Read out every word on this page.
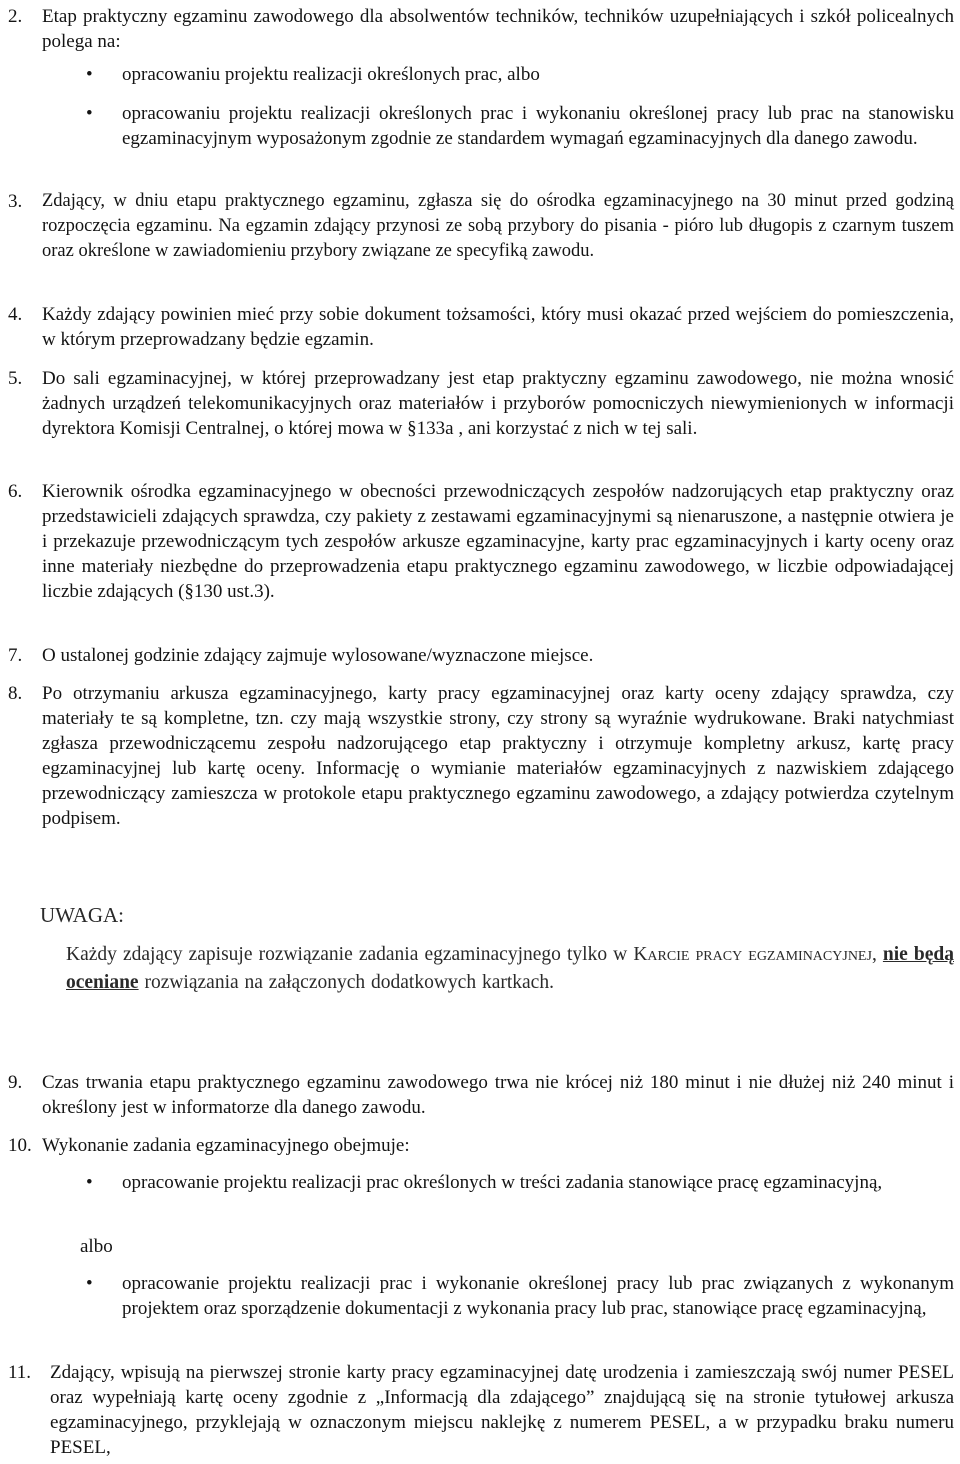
2. Etap praktyczny egzaminu zawodowego dla absolwentów techników, techników uzupełniających i szkół policealnych polega na:
• opracowaniu projektu realizacji określonych prac, albo
• opracowaniu projektu realizacji określonych prac i wykonaniu określonej pracy lub prac na stanowisku egzaminacyjnym wyposażonym zgodnie ze standardem wymagań egzaminacyjnych dla danego zawodu.
3. Zdający, w dniu etapu praktycznego egzaminu, zgłasza się do ośrodka egzaminacyjnego na 30 minut przed godziną rozpoczęcia egzaminu. Na egzamin zdający przynosi ze sobą przybory do pisania - pióro lub długopis z czarnym tuszem oraz określone w zawiadomieniu przybory związane ze specyfiką zawodu.
4. Każdy zdający powinien mieć przy sobie dokument tożsamości, który musi okazać przed wejściem do pomieszczenia, w którym przeprowadzany będzie egzamin.
5. Do sali egzaminacyjnej, w której przeprowadzany jest etap praktyczny egzaminu zawodowego, nie można wnosić żadnych urządzeń telekomunikacyjnych oraz materiałów i przyborów pomocniczych niewymienionych w informacji dyrektora Komisji Centralnej, o której mowa w §133a , ani korzystać z nich w tej sali.
6. Kierownik ośrodka egzaminacyjnego w obecności przewodniczących zespołów nadzorujących etap praktyczny oraz przedstawicieli zdających sprawdza, czy pakiety z zestawami egzaminacyjnymi są nienaruszone, a następnie otwiera je i przekazuje przewodniczącym tych zespołów arkusze egzaminacyjne, karty prac egzaminacyjnych i karty oceny oraz inne materiały niezbędne do przeprowadzenia etapu praktycznego egzaminu zawodowego, w liczbie odpowiadającej liczbie zdających (§130 ust.3).
7. O ustalonej godzinie zdający zajmuje wylosowane/wyznaczone miejsce.
8. Po otrzymaniu arkusza egzaminacyjnego, karty pracy egzaminacyjnej oraz karty oceny zdający sprawdza, czy materiały te są kompletne, tzn. czy mają wszystkie strony, czy strony są wyraźnie wydrukowane. Braki natychmiast zgłasza przewodniczącemu zespołu nadzorującego etap praktyczny i otrzymuje kompletny arkusz, kartę pracy egzaminacyjnej lub kartę oceny. Informację o wymianie materiałów egzaminacyjnych z nazwiskiem zdającego przewodniczący zamieszcza w protokole etapu praktycznego egzaminu zawodowego, a zdający potwierdza czytelnym podpisem.
UWAGA:
Każdy zdający zapisuje rozwiązanie zadania egzaminacyjnego tylko w Karcie pracy egzaminacyjnej, nie będą oceniane rozwiązania na załączonych dodatkowych kartkach.
9. Czas trwania etapu praktycznego egzaminu zawodowego trwa nie krócej niż 180 minut i nie dłużej niż 240 minut i określony jest w informatorze dla danego zawodu.
10. Wykonanie zadania egzaminacyjnego obejmuje:
• opracowanie projektu realizacji prac określonych w treści zadania stanowiące pracę egzaminacyjną,
albo
• opracowanie projektu realizacji prac i wykonanie określonej pracy lub prac związanych z wykonanym projektem oraz sporządzenie dokumentacji z wykonania pracy lub prac, stanowiące pracę egzaminacyjną,
11. Zdający, wpisują na pierwszej stronie karty pracy egzaminacyjnej datę urodzenia i zamieszczają swój numer PESEL oraz wypełniają kartę oceny zgodnie z „Informacją dla zdającego” znajdującą się na stronie tytułowej arkusza egzaminacyjnego, przyklejają w oznaczonym miejscu naklejkę z numerem PESEL, a w przypadku braku numeru PESEL,
